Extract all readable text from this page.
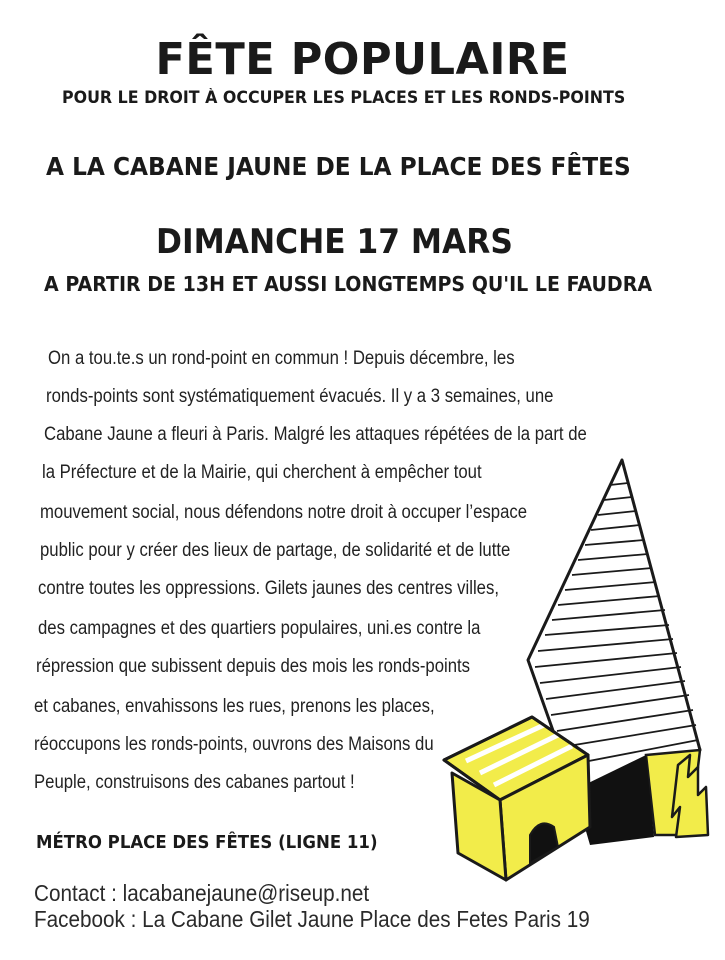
FÊTE POPULAIRE

POUR LE DROIT À OCCUPER LES PLACES ET LES RONDS-POINTS

A LA CABANE JAUNE DE LA PLACE DES FÊTES

DIMANCHE 17 MARS

A PARTIR DE 13H ET AUSSI LONGTEMPS QU'IL LE FAUDRA

On a tou.te.s un rond-point en commun ! Depuis décembre, les
ronds-points sont systématiquement évacués. Il y a 3 semaines, une
Cabane Jaune a fleuri à Paris. Malgré les attaques répétées de la part de
la Préfecture et de la Mairie, qui cherchent à empêcher tout
mouvement social, nous défendons notre droit à occuper l’espace
public pour y créer des lieux de partage, de solidarité et de lutte
contre toutes les oppressions. Gilets jaunes des centres villes,
des campagnes et des quartiers populaires, uni.es contre la
répression que subissent depuis des mois les ronds-points
et cabanes, envahissons les rues, prenons les places,
réoccupons les ronds-points, ouvrons des Maisons du
Peuple, construisons des cabanes partout !

MÉTRO PLACE DES FÊTES (LIGNE 11)

Contact : lacabanejaune@riseup.net

Facebook : La Cabane Gilet Jaune Place des Fetes Paris 19
